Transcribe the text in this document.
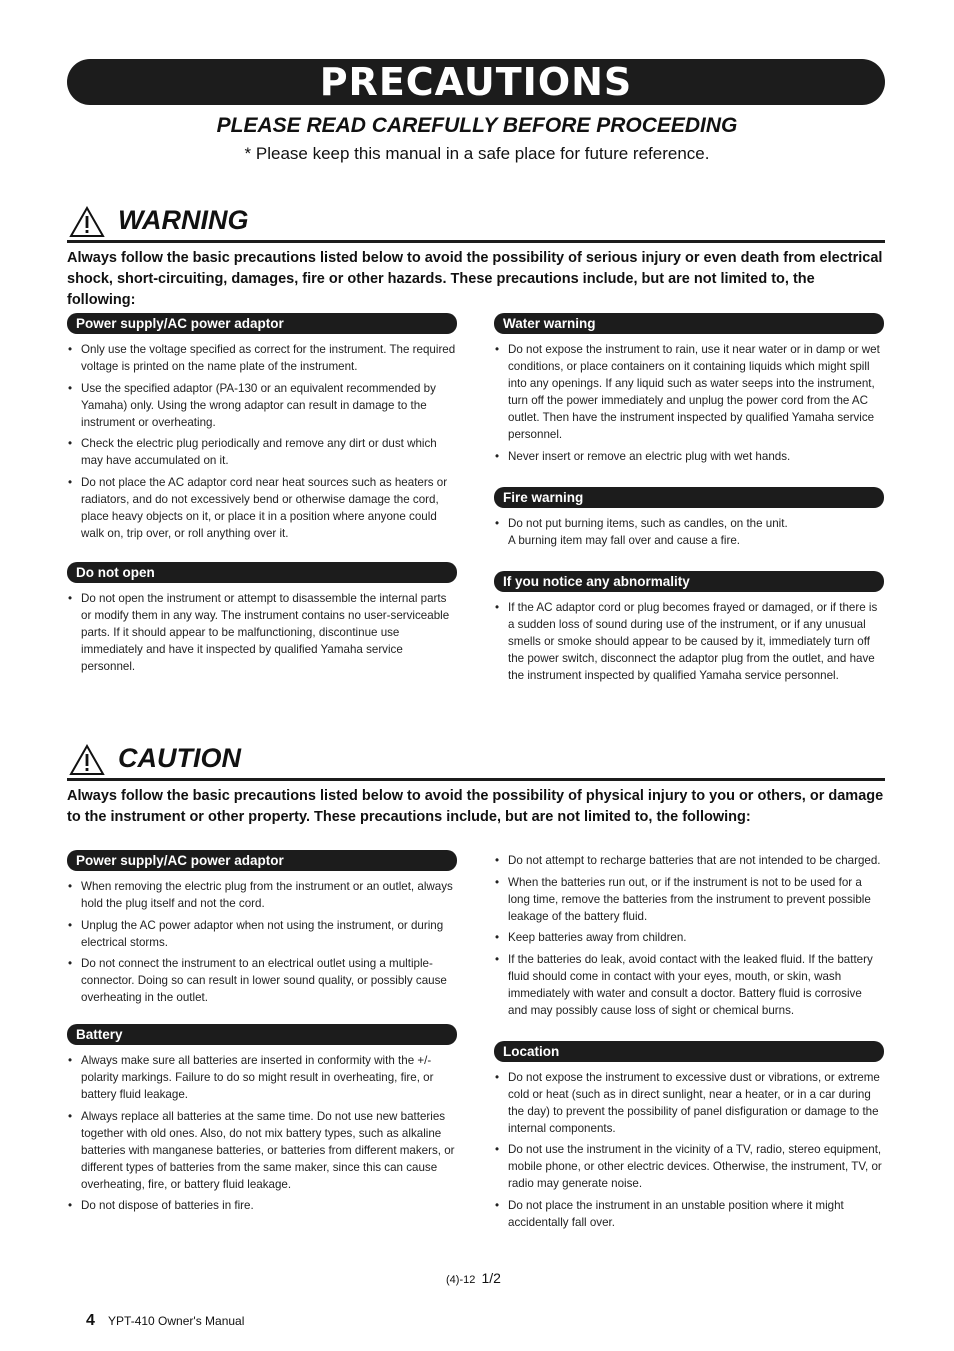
PRECAUTIONS
PLEASE READ CAREFULLY BEFORE PROCEEDING
* Please keep this manual in a safe place for future reference.
WARNING
Always follow the basic precautions listed below to avoid the possibility of serious injury or even death from electrical shock, short-circuiting, damages, fire or other hazards. These precautions include, but are not limited to, the following:
Power supply/AC power adaptor
• Only use the voltage specified as correct for the instrument. The required voltage is printed on the name plate of the instrument.
• Use the specified adaptor (PA-130 or an equivalent recommended by Yamaha) only. Using the wrong adaptor can result in damage to the instrument or overheating.
• Check the electric plug periodically and remove any dirt or dust which may have accumulated on it.
• Do not place the AC adaptor cord near heat sources such as heaters or radiators, and do not excessively bend or otherwise damage the cord, place heavy objects on it, or place it in a position where anyone could walk on, trip over, or roll anything over it.
Do not open
• Do not open the instrument or attempt to disassemble the internal parts or modify them in any way. The instrument contains no user-serviceable parts. If it should appear to be malfunctioning, discontinue use immediately and have it inspected by qualified Yamaha service personnel.
Water warning
• Do not expose the instrument to rain, use it near water or in damp or wet conditions, or place containers on it containing liquids which might spill into any openings. If any liquid such as water seeps into the instrument, turn off the power immediately and unplug the power cord from the AC outlet. Then have the instrument inspected by qualified Yamaha service personnel.
• Never insert or remove an electric plug with wet hands.
Fire warning
• Do not put burning items, such as candles, on the unit.
A burning item may fall over and cause a fire.
If you notice any abnormality
• If the AC adaptor cord or plug becomes frayed or damaged, or if there is a sudden loss of sound during use of the instrument, or if any unusual smells or smoke should appear to be caused by it, immediately turn off the power switch, disconnect the adaptor plug from the outlet, and have the instrument inspected by qualified Yamaha service personnel.
CAUTION
Always follow the basic precautions listed below to avoid the possibility of physical injury to you or others, or damage to the instrument or other property. These precautions include, but are not limited to, the following:
Power supply/AC power adaptor
• When removing the electric plug from the instrument or an outlet, always hold the plug itself and not the cord.
• Unplug the AC power adaptor when not using the instrument, or during electrical storms.
• Do not connect the instrument to an electrical outlet using a multiple-connector. Doing so can result in lower sound quality, or possibly cause overheating in the outlet.
Battery
• Always make sure all batteries are inserted in conformity with the +/- polarity markings. Failure to do so might result in overheating, fire, or battery fluid leakage.
• Always replace all batteries at the same time. Do not use new batteries together with old ones. Also, do not mix battery types, such as alkaline batteries with manganese batteries, or batteries from different makers, or different types of batteries from the same maker, since this can cause overheating, fire, or battery fluid leakage.
• Do not dispose of batteries in fire.
• Do not attempt to recharge batteries that are not intended to be charged.
• When the batteries run out, or if the instrument is not to be used for a long time, remove the batteries from the instrument to prevent possible leakage of the battery fluid.
• Keep batteries away from children.
• If the batteries do leak, avoid contact with the leaked fluid. If the battery fluid should come in contact with your eyes, mouth, or skin, wash immediately with water and consult a doctor. Battery fluid is corrosive and may possibly cause loss of sight or chemical burns.
Location
• Do not expose the instrument to excessive dust or vibrations, or extreme cold or heat (such as in direct sunlight, near a heater, or in a car during the day) to prevent the possibility of panel disfiguration or damage to the internal components.
• Do not use the instrument in the vicinity of a TV, radio, stereo equipment, mobile phone, or other electric devices. Otherwise, the instrument, TV, or radio may generate noise.
• Do not place the instrument in an unstable position where it might accidentally fall over.
(4)-12 1/2
4 YPT-410 Owner's Manual
